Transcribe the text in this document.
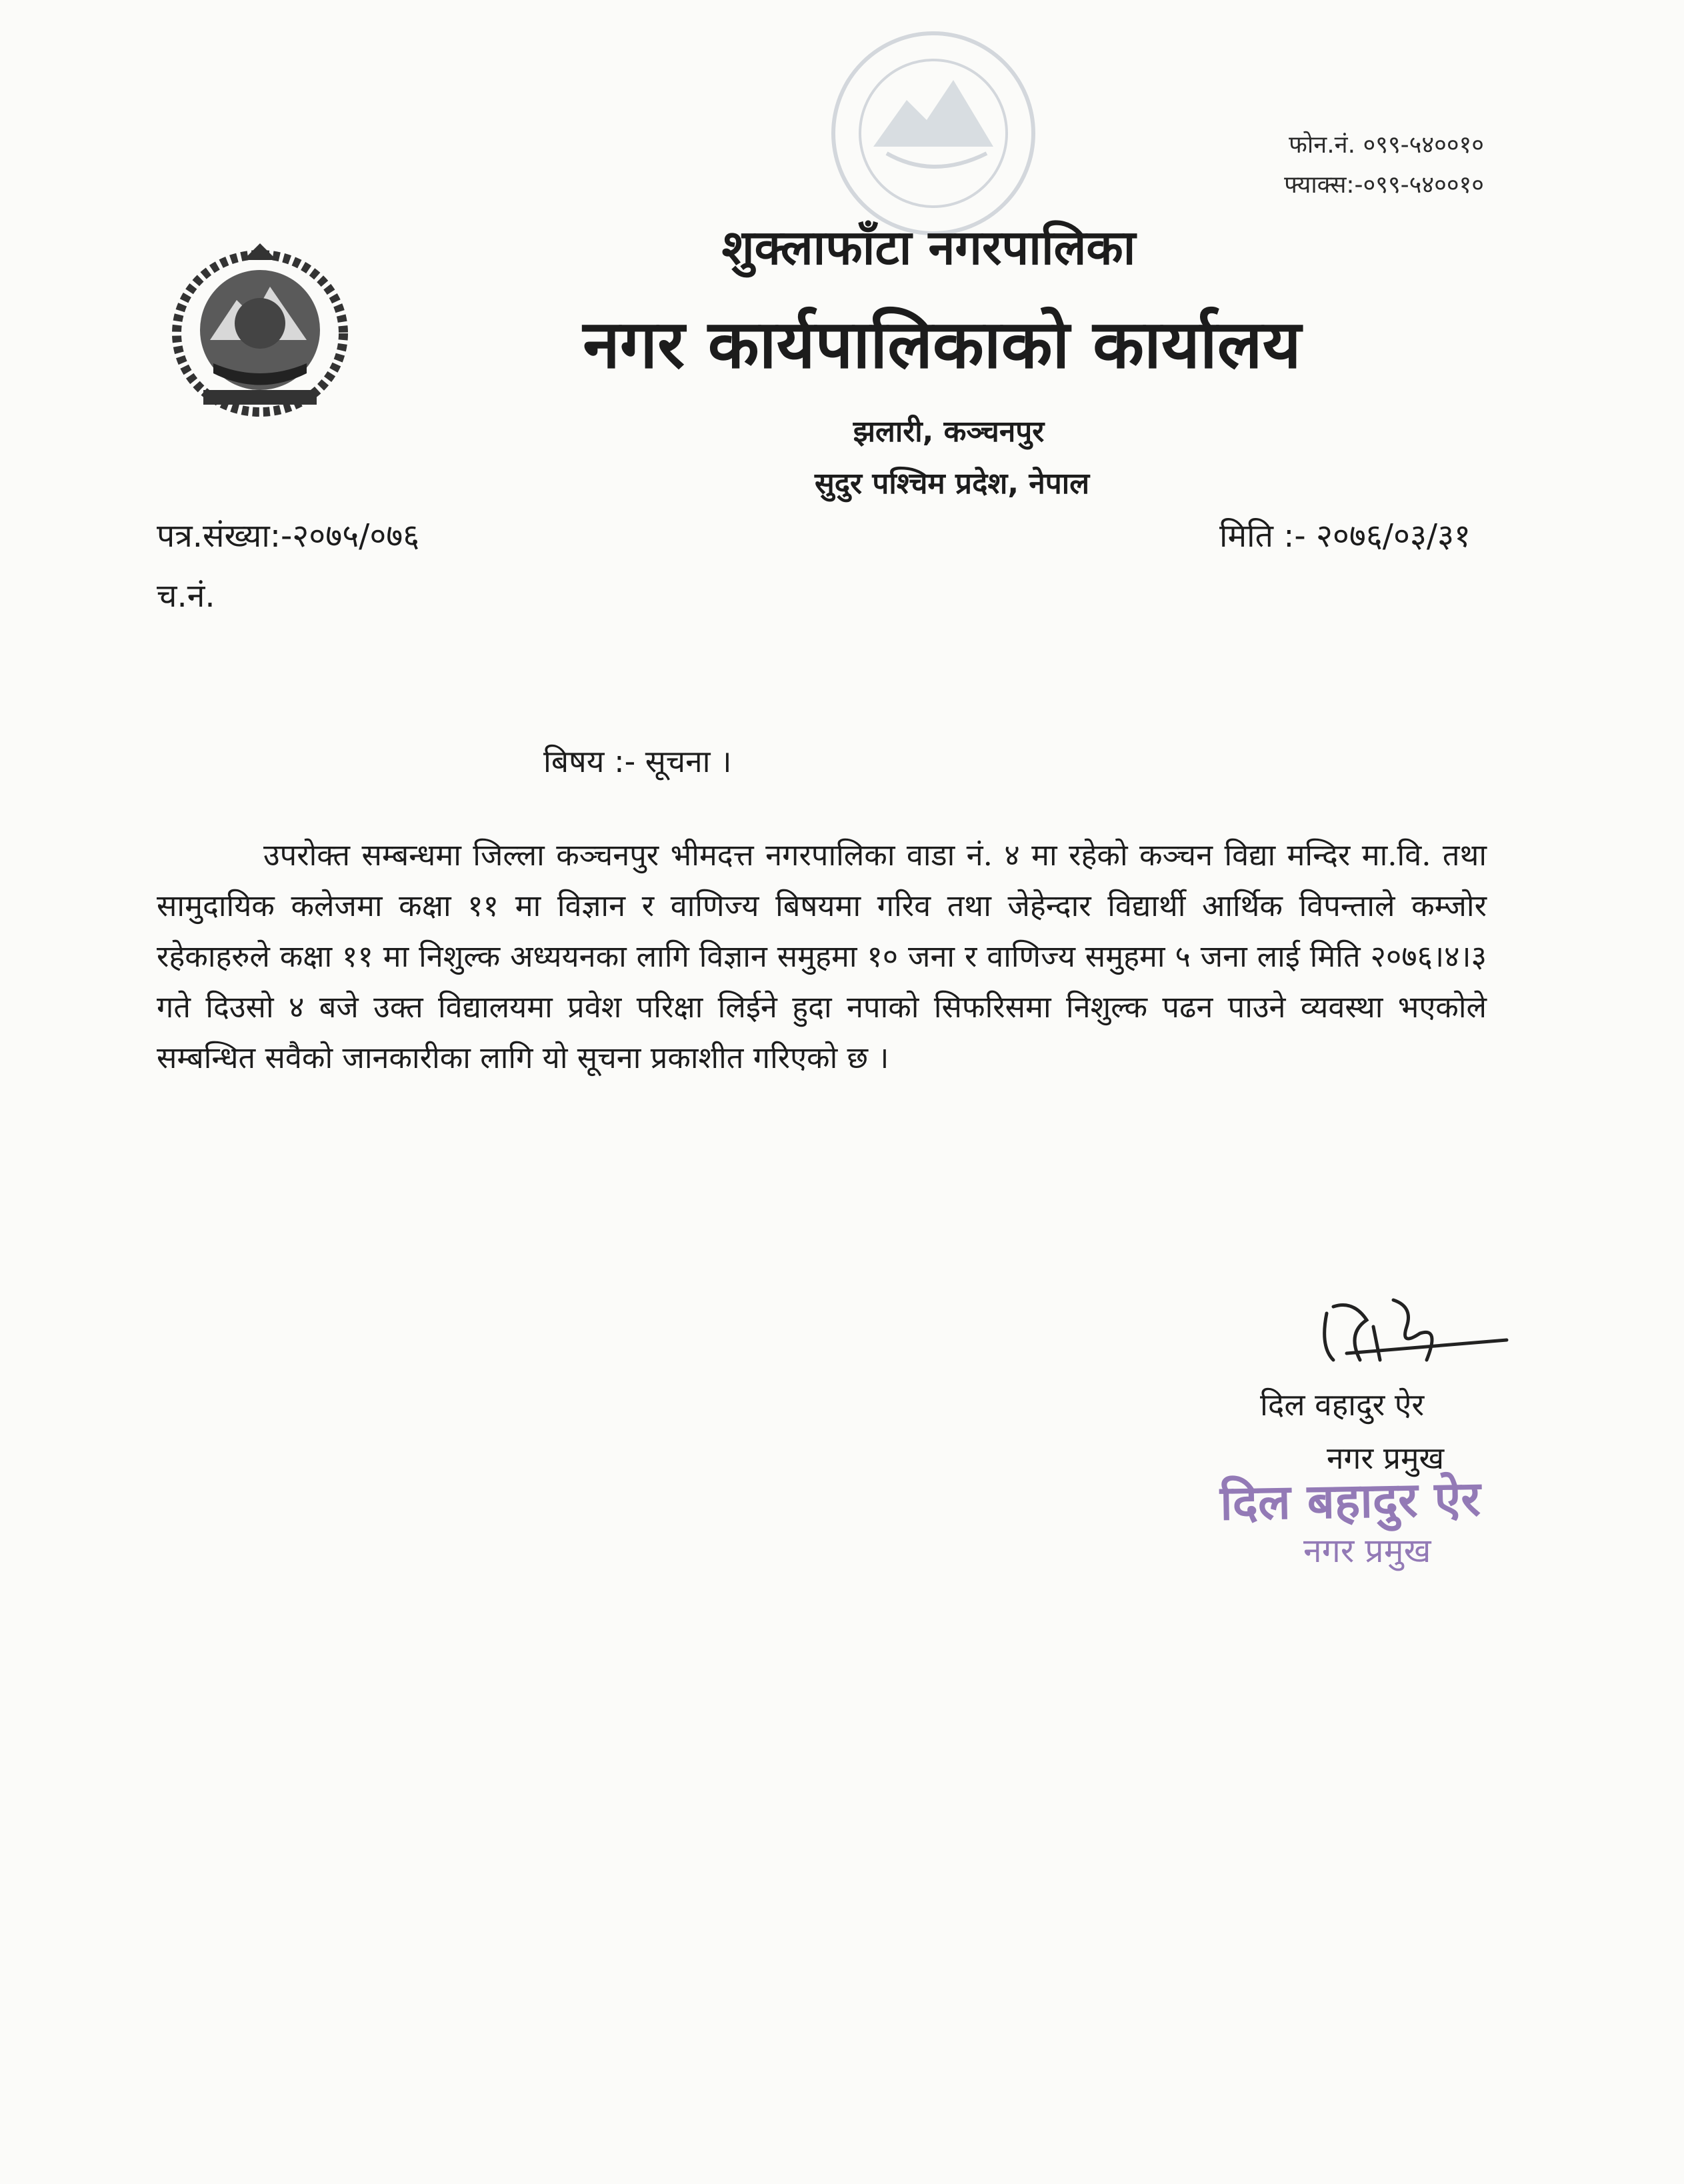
फोन.नं. ०९९-५४००१०
फ्याक्स:-०९९-५४००१०
शुक्लाफाँटा नगरपालिका
नगर कार्यपालिकाको कार्यालय
झलारी, कञ्चनपुर
सुदुर पश्चिम प्रदेश, नेपाल
पत्र.संख्या:-२०७५/०७६	मिति :- २०७६/०३/३१
च.नं.
बिषय :- सूचना ।
उपरोक्त सम्बन्धमा जिल्ला कञ्चनपुर भीमदत्त नगरपालिका वाडा नं. ४ मा रहेको कञ्चन विद्या मन्दिर मा.वि. तथा सामुदायिक कलेजमा कक्षा ११ मा विज्ञान र वाणिज्य बिषयमा गरिव तथा जेहेन्दार विद्यार्थी आर्थिक विपन्ताले कम्जोर रहेकाहरुले कक्षा ११ मा निशुल्क अध्ययनका लागि विज्ञान समुहमा १० जना र वाणिज्य समुहमा ५ जना लाई मिति २०७६।४।३ गते दिउसो ४ बजे उक्त विद्यालयमा प्रवेश परिक्षा लिईने हुदा नपाको सिफरिसमा निशुल्क पढन पाउने व्यवस्था भएकोले सम्बन्धित सवैको जानकारीका लागि यो सूचना प्रकाशीत गरिएको छ ।
दिल वहादुर ऐर
नगर प्रमुख
दिल बहादुर ऐर
नगर प्रमुख
